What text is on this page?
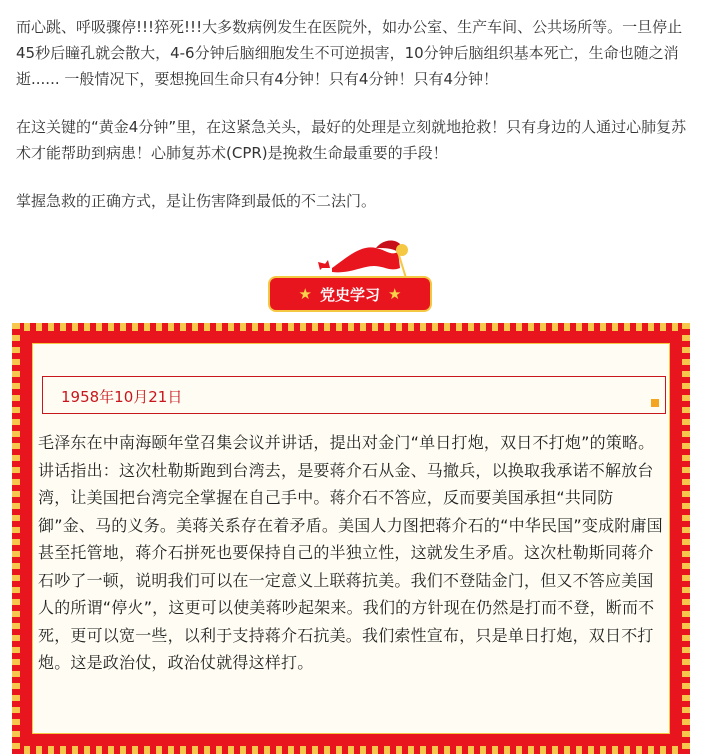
而心跳、呼吸骤停!!!猝死!!!大多数病例发生在医院外，如办公室、生产车间、公共场所等。一旦停止45秒后瞳孔就会散大，4-6分钟后脑细胞发生不可逆损害，10分钟后脑组织基本死亡，生命也随之消逝...... 一般情况下，要想挽回生命只有4分钟！只有4分钟！只有4分钟！

在这关键的“黄金4分钟”里，在这紧急关头，最好的处理是立刻就地抢救！只有身边的人通过心肺复苏术才能帮助到病患！心肺复苏术(CPR)是挽救生命最重要的手段！

掌握急救的正确方式，是让伤害降到最低的不二法门。

★ 党史学习 ★
1958年10月21日
毛泽东在中南海颐年堂召集会议并讲话，提出对金门“单日打炮，双日不打炮”的策略。讲话指出：这次杜勒斯跑到台湾去，是要蒋介石从金、马撤兵，以换取我承诺不解放台湾，让美国把台湾完全掌握在自己手中。蒋介石不答应，反而要美国承担“共同防御”金、马的义务。美蒋关系存在着矛盾。美国人力图把蒋介石的“中华民国”变成附庸国甚至托管地，蒋介石拼死也要保持自己的半独立性，这就发生矛盾。这次杜勒斯同蒋介石吵了一顿，说明我们可以在一定意义上联蒋抗美。我们不登陆金门，但又不答应美国人的所谓“停火”，这更可以使美蒋吵起架来。我们的方针现在仍然是打而不登，断而不死，更可以宽一些，以利于支持蒋介石抗美。我们索性宣布，只是单日打炮，双日不打炮。这是政治仗，政治仗就得这样打。
